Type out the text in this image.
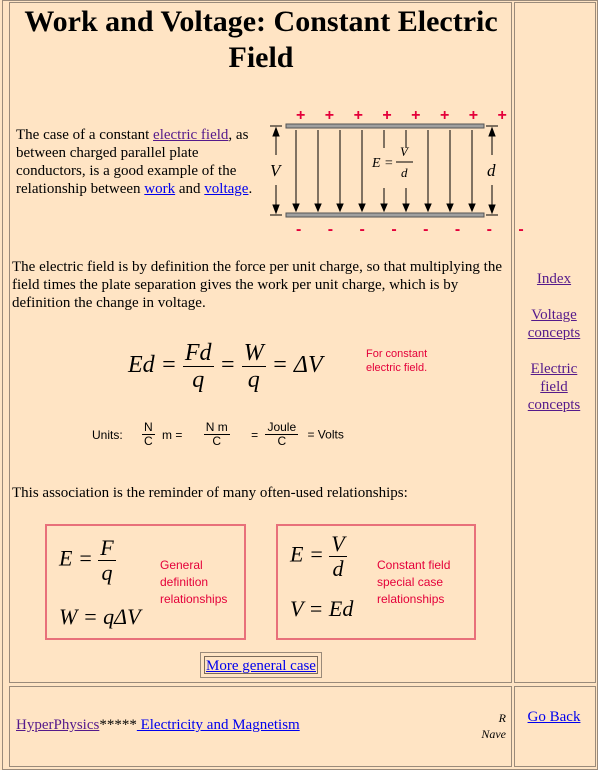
Work and Voltage: Constant Electric Field
The case of a constant electric field, as between charged parallel plate conductors, is a good example of the relationship between work and voltage.
+ + + + + + + +
V	d
E =
V
d
- - - - - - - -
The electric field is by definition the force per unit charge, so that multiplying the field times the plate separation gives the work per unit charge, which is by definition the change in voltage.
$Ed = \frac{Fd}{q} = \frac{W}{q} = \Delta V$	For constant electric field.
Units: $\frac{N}{C}$ $m = \frac{\text{N m}}{C} = \frac{\text{Joule}}{C}$ = Volts
This association is the reminder of many often-used relationships:
$E = \frac{F}{q}$
W = qΔV
General definition relationships
$E = \frac{V}{d}$
V = Ed
Constant field special case relationships
More general case
Index
Voltage concepts
Electric field concepts
HyperPhysics***** Electricity and Magnetism	R Nave
Go Back
